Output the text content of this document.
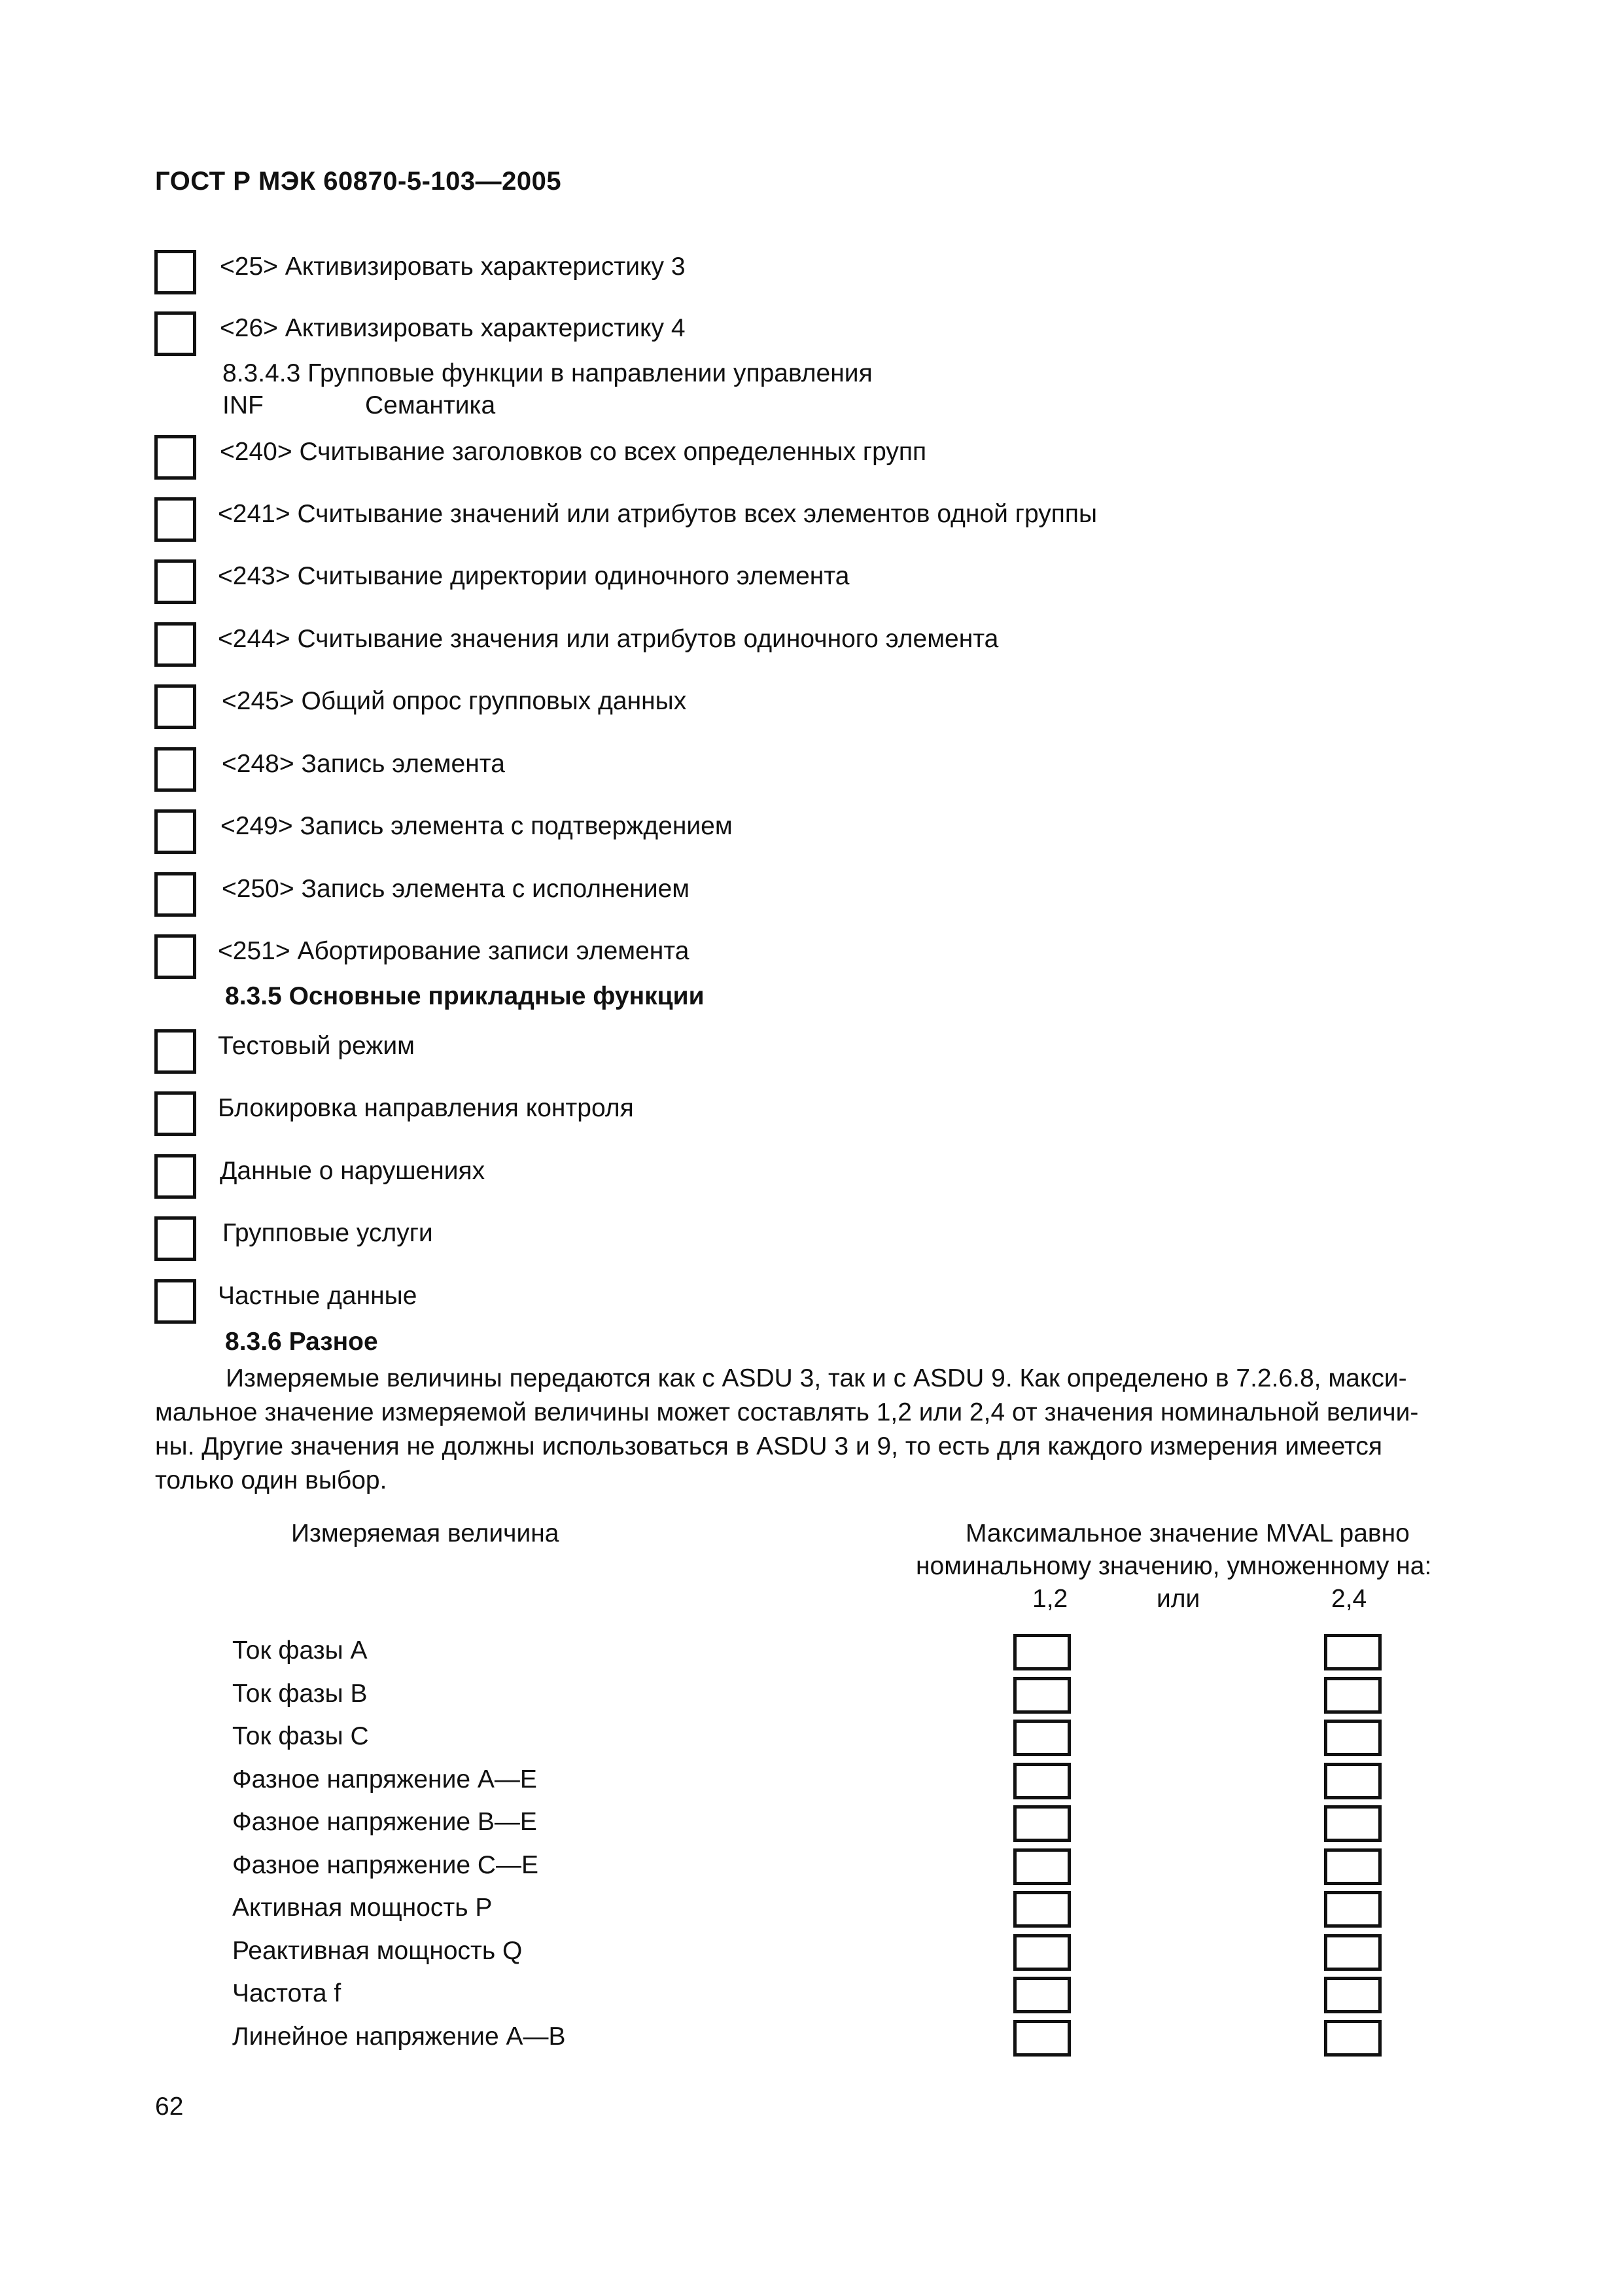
ГОСТ Р МЭК 60870-5-103—2005
<25> Активизировать характеристику 3
<26> Активизировать характеристику 4
8.3.4.3 Групповые функции в направлении управления
INF	Семантика
<240> Считывание заголовков со всех определенных групп
<241> Считывание значений или атрибутов всех элементов одной группы
<243> Считывание директории одиночного элемента
<244> Считывание значения или атрибутов одиночного элемента
<245> Общий опрос групповых данных
<248> Запись элемента
<249> Запись элемента с подтверждением
<250> Запись элемента с исполнением
<251> Абортирование записи элемента
8.3.5 Основные прикладные функции
Тестовый режим
Блокировка направления контроля
Данные о нарушениях
Групповые услуги
Частные данные
8.3.6 Разное

Измеряемые величины передаются как с ASDU 3, так и с ASDU 9. Как определено в 7.2.6.8, макси-

мальное значение измеряемой величины может составлять 1,2 или 2,4 от значения номинальной величи-

ны. Другие значения не должны использоваться в ASDU 3 и 9, то есть для каждого измерения имеется

только один выбор.

Измеряемая величина	Максимальное значение MVAL равно
номинальному значению, умноженному на:
1,2	или	2,4
Ток фазы A
Ток фазы B
Ток фазы C
Фазное напряжение A—E
Фазное напряжение B—E
Фазное напряжение C—E
Активная мощность P
Реактивная мощность Q
Частота f
Линейное напряжение A—B
62
